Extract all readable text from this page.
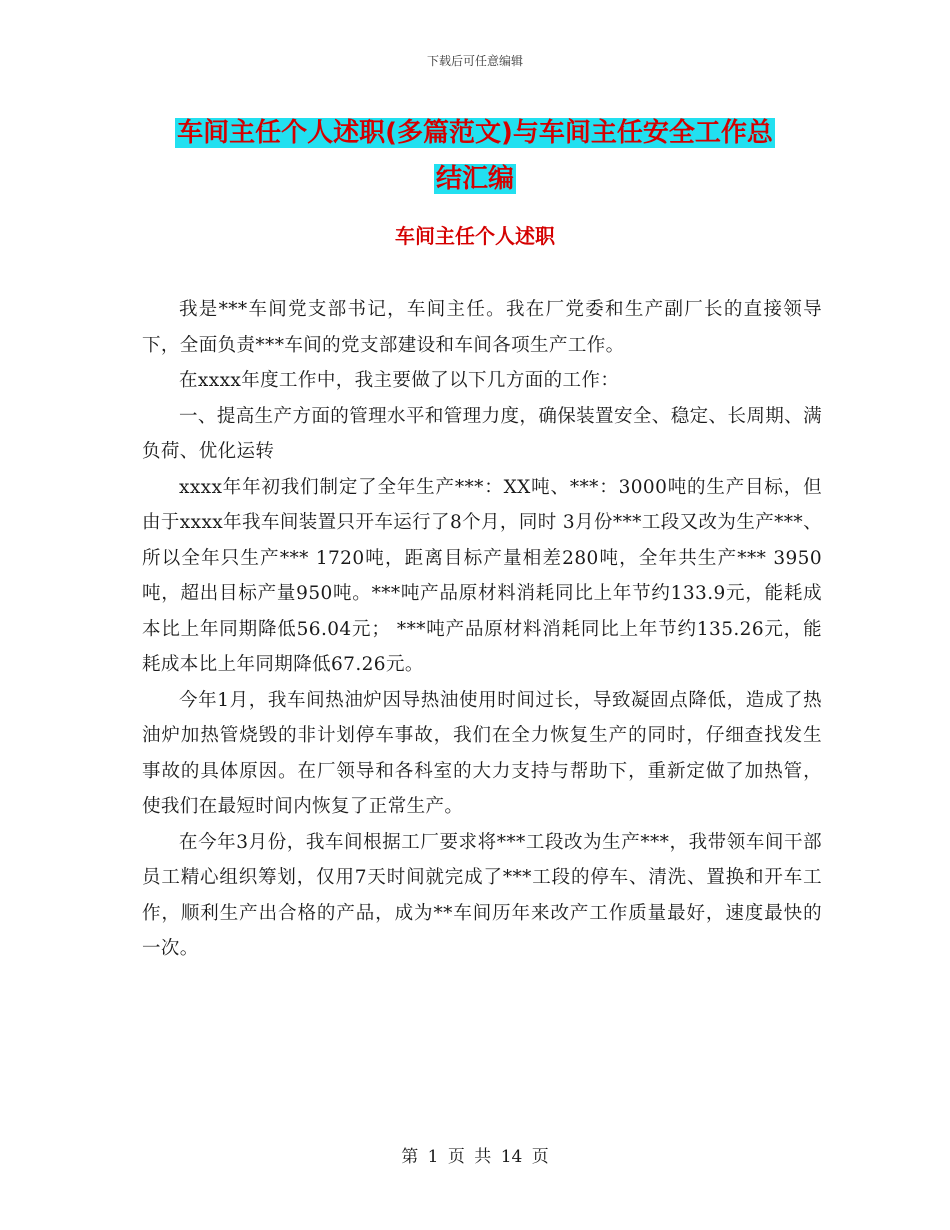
下载后可任意编辑
车间主任个人述职(多篇范文)与车间主任安全工作总
结汇编
车间主任个人述职

我是***车间党支部书记，车间主任。我在厂党委和生产副厂长的直接领导下，全面负责***车间的党支部建设和车间各项生产工作。

在xxxx年度工作中，我主要做了以下几方面的工作：

一、提高生产方面的管理水平和管理力度，确保装置安全、稳定、长周期、满负荷、优化运转

xxxx年年初我们制定了全年生产***：XX吨、***：3000吨的生产目标，但由于xxxx年我车间装置只开车运行了8个月，同时 3月份***工段又改为生产***、 所以全年只生产*** 1720吨，距离目标产量相差280吨，全年共生产*** 3950吨，超出目标产量950吨。***吨产品原材料消耗同比上年节约133.9元，能耗成本比上年同期降低56.04元； ***吨产品原材料消耗同比上年节约135.26元，能耗成本比上年同期降低67.26元。

今年1月，我车间热油炉因导热油使用时间过长，导致凝固点降低，造成了热油炉加热管烧毁的非计划停车事故，我们在全力恢复生产的同时，仔细查找发生事故的具体原因。在厂领导和各科室的大力支持与帮助下，重新定做了加热管，使我们在最短时间内恢复了正常生产。

在今年3月份，我车间根据工厂要求将***工段改为生产***，我带领车间干部员工精心组织筹划，仅用7天时间就完成了***工段的停车、清洗、置换和开车工作，顺利生产出合格的产品，成为**车间历年来改产工作质量最好，速度最快的一次。

第 1 页 共 14 页
